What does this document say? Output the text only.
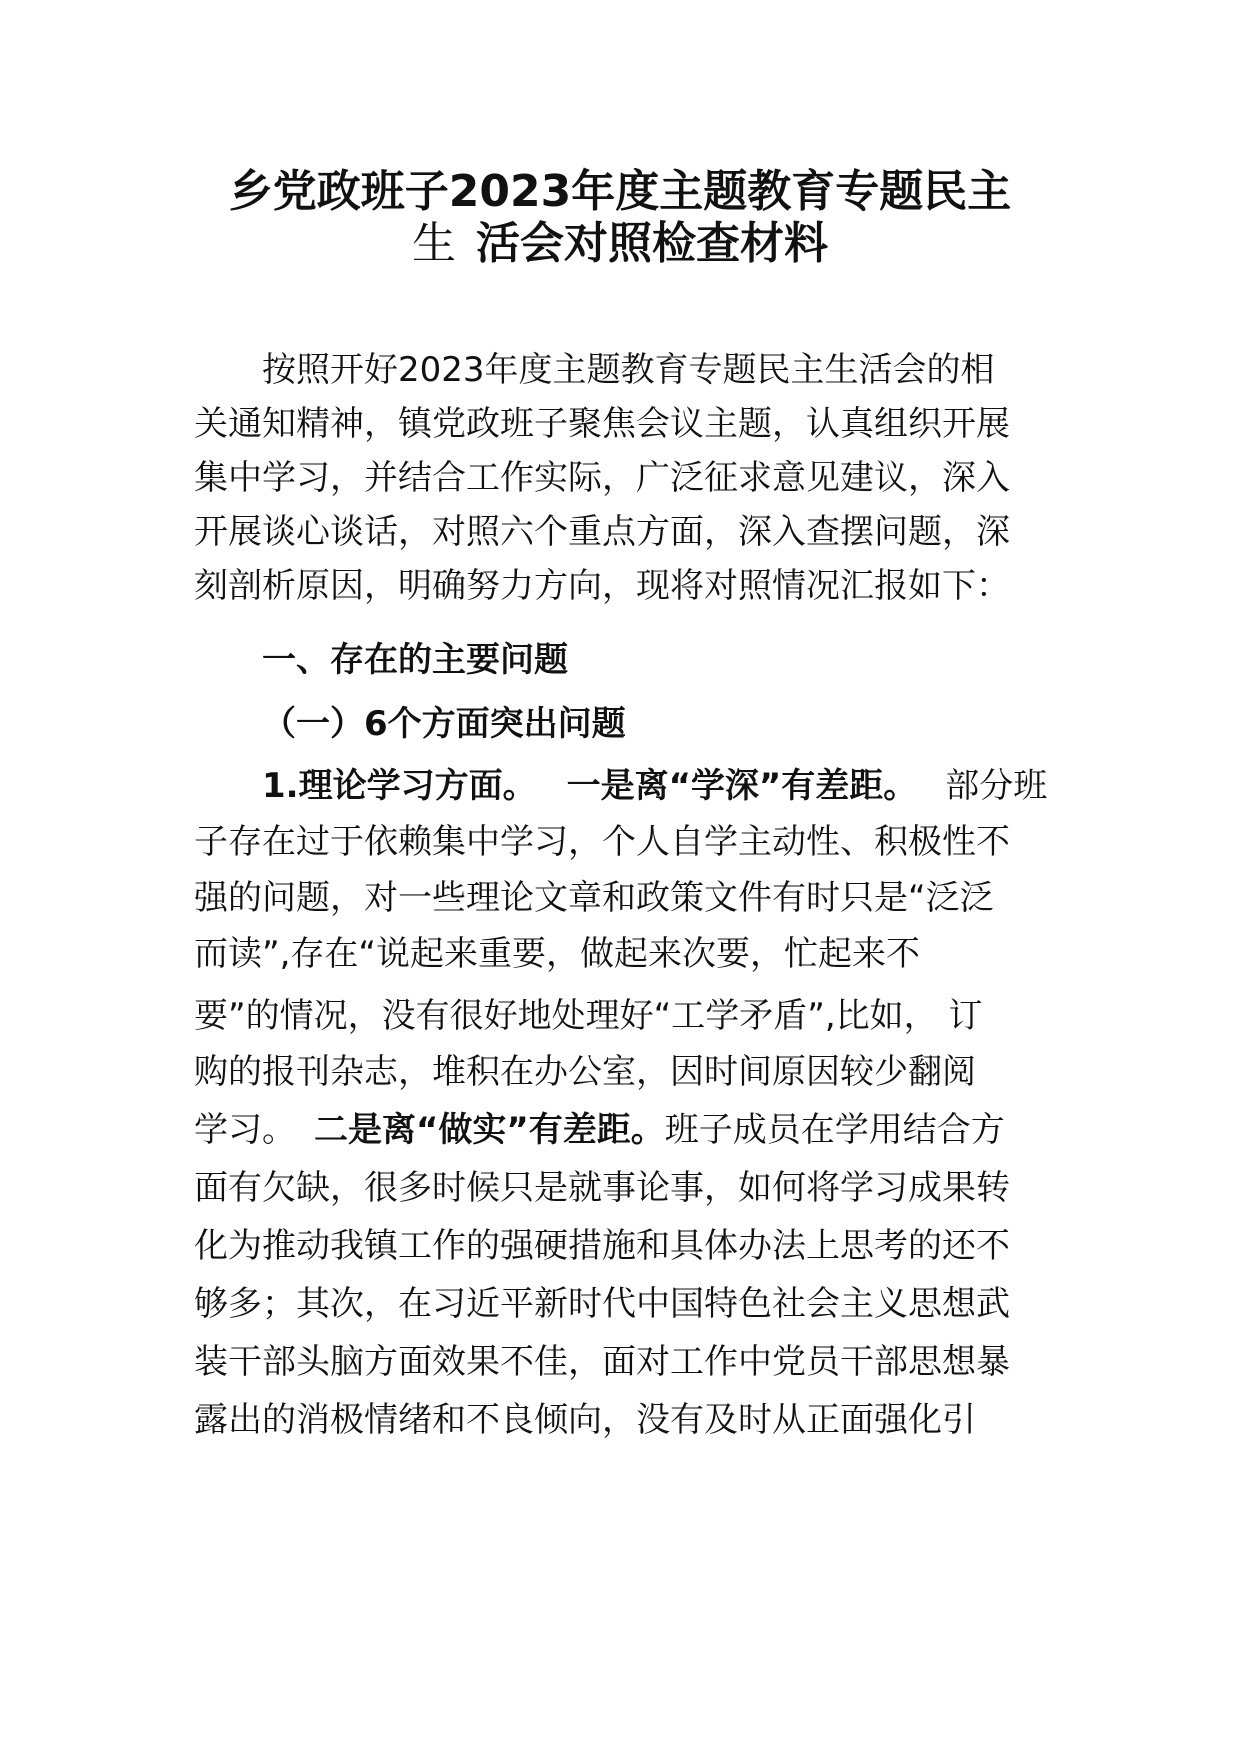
乡党政班子2023年度主题教育专题民主
生 活会对照检查材料
按照开好2023年度主题教育专题民主生活会的相
关通知精神，镇党政班子聚焦会议主题，认真组织开展
集中学习，并结合工作实际，广泛征求意见建议，深入
开展谈心谈话，对照六个重点方面，深入查摆问题，深
刻剖析原因，明确努力方向，现将对照情况汇报如下：
一、存在的主要问题
（一）6个方面突出问题
1.理论学习方面。 一是离“学深”有差距。 部分班
子存在过于依赖集中学习，个人自学主动性、积极性不
强的问题，对一些理论文章和政策文件有时只是“泛泛
而读”,存在“说起来重要，做起来次要，忙起来不
要”的情况，没有很好地处理好“工学矛盾”,比如， 订
购的报刊杂志，堆积在办公室，因时间原因较少翻阅
学习。 二是离“做实”有差距。班子成员在学用结合方
面有欠缺，很多时候只是就事论事，如何将学习成果转
化为推动我镇工作的强硬措施和具体办法上思考的还不
够多；其次，在习近平新时代中国特色社会主义思想武
装干部头脑方面效果不佳，面对工作中党员干部思想暴
露出的消极情绪和不良倾向，没有及时从正面强化引
